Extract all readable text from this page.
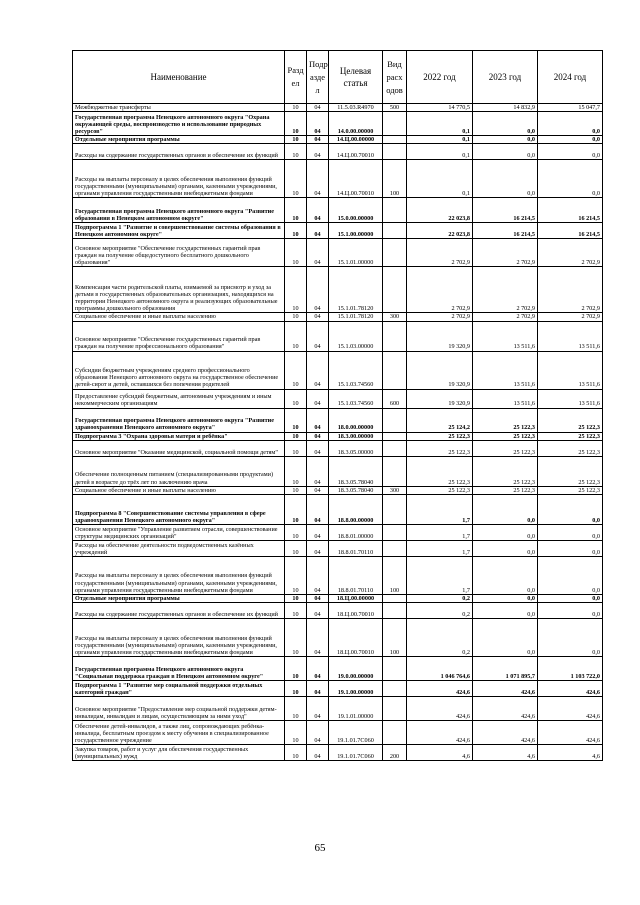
Наименование	Разд ел	Подр азде л	Целевая статья	Вид расх одов	2022 год	2023 год	2024 год
Межбюджетные трансферты	10	04	11.5.03.R4970	500	14 770,5	14 832,9	15 047,7
Государственная программа Ненецкого автономного округа "Охрана окружающей среды, воспроизводство и использование природных ресурсов"	10	04	14.0.00.00000		0,1	0,0	0,0
Отдельные мероприятия программы	10	04	14.Ц.00.00000		0,1	0,0	0,0
Расходы на содержание государственных органов и обеспечение их функций	10	04	14.Ц.00.70010		0,1	0,0	0,0
Расходы на выплаты персоналу в целях обеспечения выполнения функций государственными (муниципальными) органами, казенными учреждениями, органами управления государственными внебюджетными фондами	10	04	14.Ц.00.70010	100	0,1	0,0	0,0
Государственная программа Ненецкого автономного округа "Развитие образования в Ненецком автономном округе"	10	04	15.0.00.00000		22 023,8	16 214,5	16 214,5
Подпрограмма 1 "Развитие и совершенствование системы образования в Ненецком автономном округе"	10	04	15.1.00.00000		22 023,8	16 214,5	16 214,5
Основное мероприятие "Обеспечение государственных гарантий прав граждан на получение общедоступного бесплатного дошкольного образования"	10	04	15.1.01.00000		2 702,9	2 702,9	2 702,9
Компенсация части родительской платы, взимаемой за присмотр и уход за детьми в государственных образовательных организациях, находящихся на территории Ненецкого автономного округа и реализующих образовательные программы дошкольного образования	10	04	15.1.01.78120		2 702,9	2 702,9	2 702,9
Социальное обеспечение и иные выплаты населению	10	04	15.1.01.78120	300	2 702,9	2 702,9	2 702,9
Основное мероприятие "Обеспечение государственных гарантий прав граждан на получение профессионального образования"	10	04	15.1.03.00000		19 320,9	13 511,6	13 511,6
Субсидии бюджетным учреждениям среднего профессионального образования Ненецкого автономного округа на государственное обеспечение детей-сирот и детей, оставшихся без попечения родителей	10	04	15.1.03.74560		19 320,9	13 511,6	13 511,6
Предоставление субсидий бюджетным, автономным учреждениям и иным некоммерческим организациям	10	04	15.1.03.74560	600	19 320,9	13 511,6	13 511,6
Государственная программа Ненецкого автономного округа "Развитие здравоохранения Ненецкого автономного округа"	10	04	18.0.00.00000		25 124,2	25 122,3	25 122,3
Подпрограмма 3 "Охрана здоровья матери и ребёнка"	10	04	18.3.00.00000		25 122,3	25 122,3	25 122,3
Основное мероприятие "Оказание медицинской, социальной помощи детям"	10	04	18.3.05.00000		25 122,3	25 122,3	25 122,3
Обеспечение полноценным питанием (специализированными продуктами) детей в возрасте до трёх лет по заключению врача	10	04	18.3.05.78040		25 122,3	25 122,3	25 122,3
Социальное обеспечение и иные выплаты населению	10	04	18.3.05.78040	300	25 122,3	25 122,3	25 122,3
Подпрограмма 8 "Совершенствование системы управления в сфере здравоохранения Ненецкого автономного округа"	10	04	18.8.00.00000		1,7	0,0	0,0
Основное мероприятие "Управление развитием отрасли, совершенствование структуры медицинских организаций"	10	04	18.8.01.00000		1,7	0,0	0,0
Расходы на обеспечение деятельности подведомственных казённых учреждений	10	04	18.8.01.70110		1,7	0,0	0,0
Расходы на выплаты персоналу в целях обеспечения выполнения функций государственными (муниципальными) органами, казенными учреждениями, органами управления государственными внебюджетными фондами	10	04	18.8.01.70110	100	1,7	0,0	0,0
Отдельные мероприятия программы	10	04	18.Ц.00.00000		0,2	0,0	0,0
Расходы на содержание государственных органов и обеспечение их функций	10	04	18.Ц.00.70010		0,2	0,0	0,0
Расходы на выплаты персоналу в целях обеспечения выполнения функций государственными (муниципальными) органами, казенными учреждениями, органами управления государственными внебюджетными фондами	10	04	18.Ц.00.70010	100	0,2	0,0	0,0
Государственная программа Ненецкого автономного округа "Социальная поддержка граждан в Ненецком автономном округе"	10	04	19.0.00.00000		1 046 764,6	1 071 895,7	1 103 722,0
Подпрограмма 1 "Развитие мер социальной поддержки отдельных категорий граждан"	10	04	19.1.00.00000		424,6	424,6	424,6
Основное мероприятие "Предоставление мер социальной поддержки детям-инвалидам, инвалидам и лицам, осуществляющим за ними уход"	10	04	19.1.01.00000		424,6	424,6	424,6
Обеспечение детей-инвалидов, а также лиц, сопровождающих ребёнка-инвалида, бесплатным проездом к месту обучения в специализированное государственное учреждение	10	04	19.1.01.7С060		424,6	424,6	424,6
Закупка товаров, работ и услуг для обеспечения государственных (муниципальных) нужд	10	04	19.1.01.7С060	200	4,6	4,6	4,6
65
